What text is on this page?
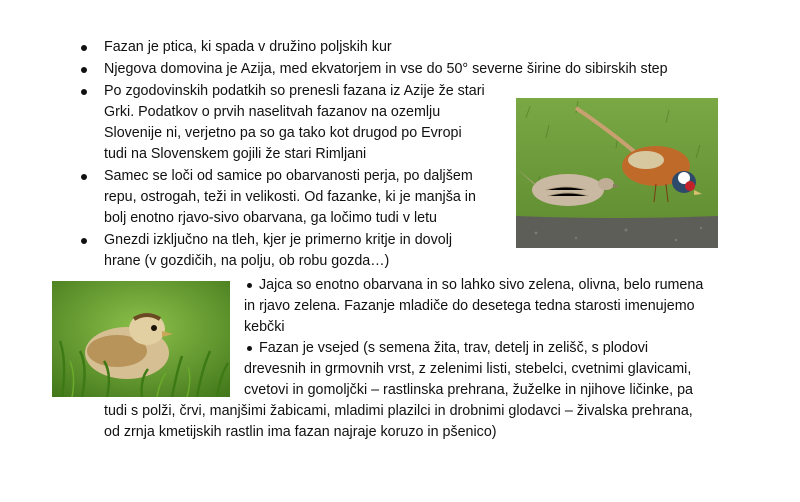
Fazan je ptica, ki spada v družino poljskih kur
Njegova domovina je Azija, med ekvatorjem in vse do 50° severne širine do sibirskih step
Po zgodovinskih podatkih so prenesli fazana iz Azije že stari
Grki. Podatkov o prvih naselitvah fazanov na ozemlju
Slovenije ni, verjetno pa so ga tako kot drugod po Evropi
tudi na Slovenskem gojili že stari Rimljani
Samec se loči od samice po obarvanosti perja, po daljšem
repu, ostrogah, teži in velikosti. Od fazanke, ki je manjša in
bolj enotno rjavo-sivo obarvana, ga ločimo tudi v letu
Gnezdi izključno na tleh, kjer je primerno kritje in dovolj
hrane (v gozdičih, na polju, ob robu gozda…)
Jajca so enotno obarvana in so lahko sivo zelena, olivna, belo rumena
in rjavo zelena. Fazanje mladiče do desetega tedna starosti imenujemo
kebčki
Fazan je vsejed (s semena žita, trav, detelj in zelišč, s plodovi
drevesnih in grmovnih vrst, z zelenimi listi, stebelci, cvetnimi glavicami,
cvetovi in gomoljčki – rastlinska prehrana, žuželke in njihove ličinke, pa
tudi s polži, črvi, manjšimi žabicami, mladimi plazilci in drobnimi glodavci – živalska prehrana,
od zrnja kmetijskih rastlin ima fazan najraje koruzo in pšenico)
